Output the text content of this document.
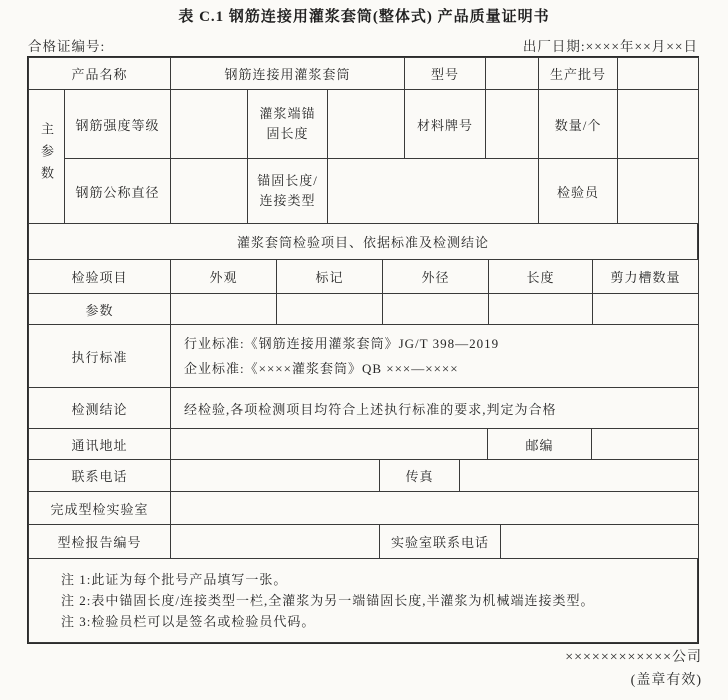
表 C.1 钢筋连接用灌浆套筒(整体式) 产品质量证明书
合格证编号:	出厂日期:××××年××月××日
产品名称		钢筋连接用灌浆套筒			型号		生产批号	
主参数	钢筋强度等级		灌浆端锚固长度		材料牌号		数量/个	
	钢筋公称直径		锚固长度/连接类型				检验员	
灌浆套筒检验项目、依据标准及检测结论
检验项目	外观	标记	外径	长度	剪力槽数量
参数					
执行标准	行业标准:《钢筋连接用灌浆套筒》JG/T 398—2019
企业标准:《××××灌浆套筒》QB ×××—××××

检测结论	经检验,各项检测项目均符合上述执行标准的要求,判定为合格
通讯地址				邮编		
联系电话		传真				
完成型检实验室						
型检报告编号		实验室联系电话				
注 1:此证为每个批号产品填写一张。
注 2:表中锚固长度/连接类型一栏,全灌浆为另一端锚固长度,半灌浆为机械端连接类型。
注 3:检验员栏可以是签名或检验员代码。
××××××××××××公司
(盖章有效)
